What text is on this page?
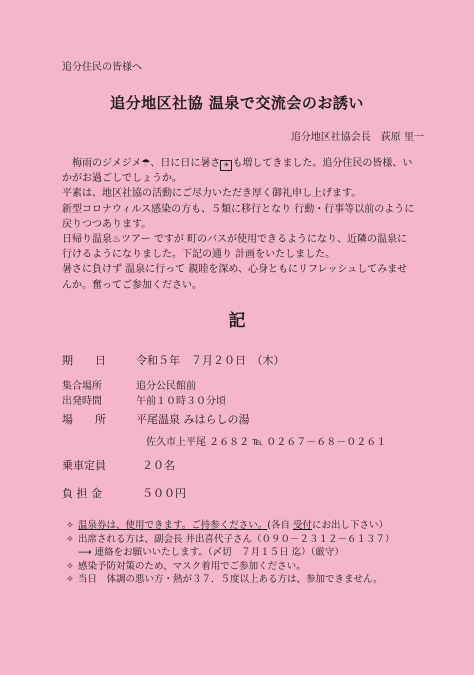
追分住民の皆様へ
追分地区社協 温泉で交流会のお誘い
追分地区社協会長　荻原 里一
梅雨のジメジメ☂、日に日に暑さ ☀ も増してきました。追分住民の皆様、い
かがお過ごしでしょうか。
平素は、地区社協の活動にご尽力いただき厚く御礼申し上げます。
新型コロナウィルス感染の方も、５類に移行となり 行動・行事等以前のように
戻りつつあります。
日帰り温泉♨ツアー ですが 町のバスが使用できるようになり、近隣の温泉に
行けるようになりました。下記の通り 計画をいたしました。
暑さに負けず 温泉に行って 親睦を深め、心身ともにリフレッシュしてみませ
んか。奮ってご参加ください。
記
期　　日	令和５年　７月２０日　（木）
集合場所	追分公民館前
出発時間	午前１０時３０分頃
場　　所	平尾温泉 みはらしの湯
佐久市上平尾 ２６８２ ℡ ０２６７－６８－０２６１
乗車定員	２０名
負 担 金	５００円
✧ 温泉券は、使用できます。ご持参ください。(各自 受付にお出し下さい）
✧ 出席される方は、副会長 井出喜代子さん（０９０－２３１２－６１３７）
⟶ 連絡をお願いいたします。（〆切　７月１５日 迄）（厳守）
✧ 感染予防対策のため、マスク着用でご参加ください。
✧ 当日　体調の悪い方・熱が３７．５度以上ある方は、参加できません。
